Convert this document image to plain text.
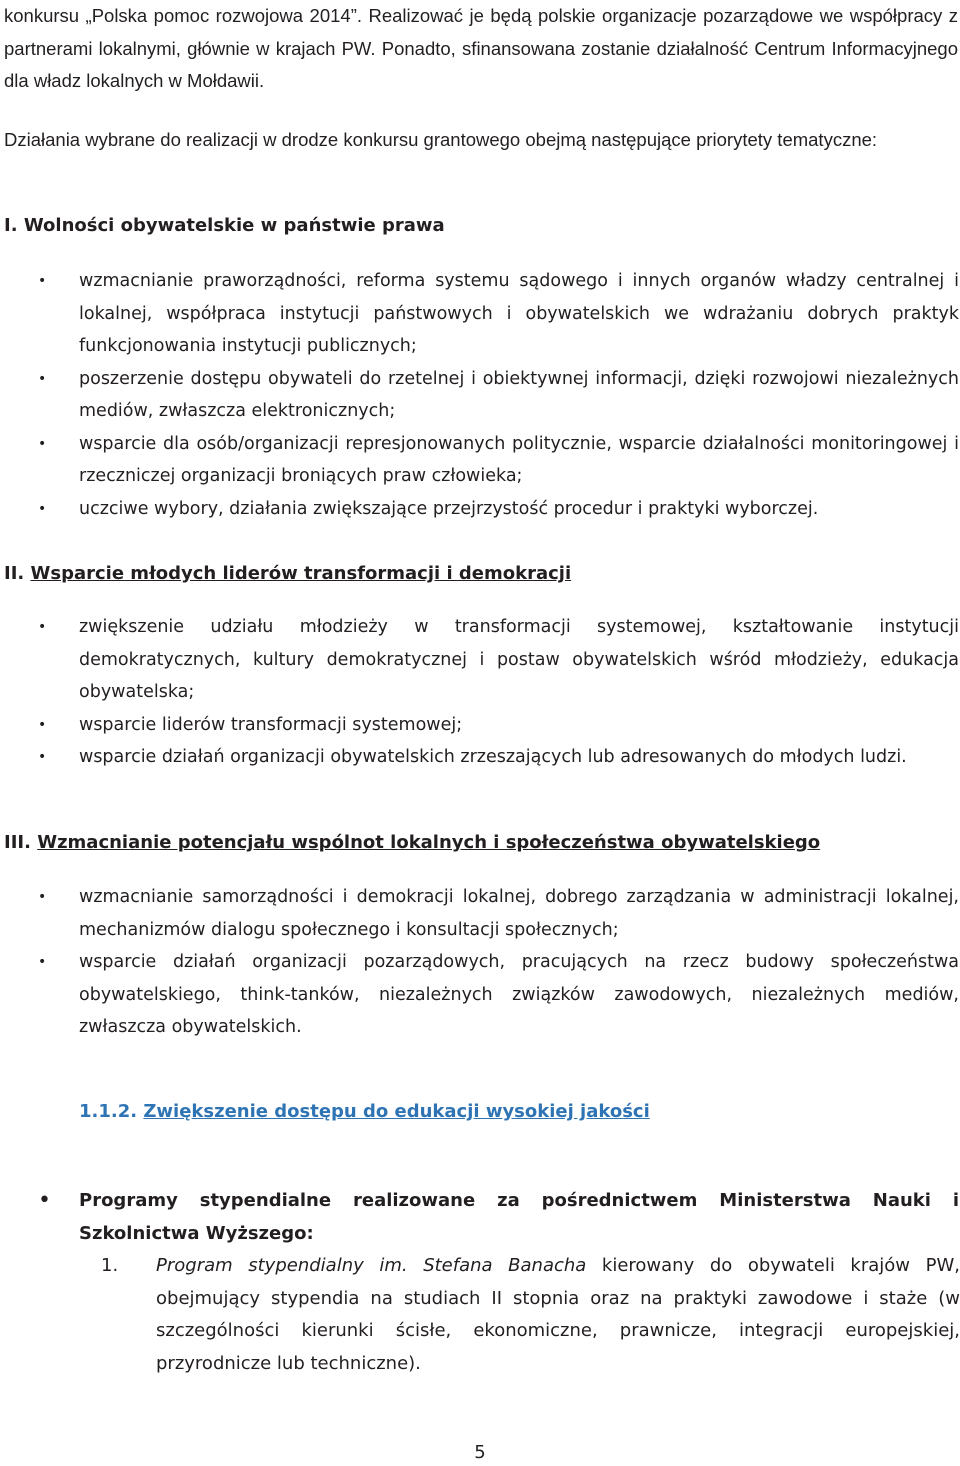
konkursu „Polska pomoc rozwojowa 2014”. Realizować je będą polskie organizacje pozarządowe we współpracy z partnerami lokalnymi, głównie w krajach PW. Ponadto, sfinansowana zostanie działalność Centrum Informacyjnego dla władz lokalnych w Mołdawii.

Działania wybrane do realizacji w drodze konkursu grantowego obejmą następujące priorytety tematyczne:

I. Wolności obywatelskie w państwie prawa

• wzmacnianie praworządności, reforma systemu sądowego i innych organów władzy centralnej i lokalnej, współpraca instytucji państwowych i obywatelskich we wdrażaniu dobrych praktyk funkcjonowania instytucji publicznych;
• poszerzenie dostępu obywateli do rzetelnej i obiektywnej informacji, dzięki rozwojowi niezależnych mediów, zwłaszcza elektronicznych;
• wsparcie dla osób/organizacji represjonowanych politycznie, wsparcie działalności monitoringowej i rzeczniczej organizacji broniących praw człowieka;
• uczciwe wybory, działania zwiększające przejrzystość procedur i praktyki wyborczej.

II. Wsparcie młodych liderów transformacji i demokracji

• zwiększenie udziału młodzieży w transformacji systemowej, kształtowanie instytucji demokratycznych, kultury demokratycznej i postaw obywatelskich wśród młodzieży, edukacja obywatelska;
• wsparcie liderów transformacji systemowej;
• wsparcie działań organizacji obywatelskich zrzeszających lub adresowanych do młodych ludzi.

III. Wzmacnianie potencjału wspólnot lokalnych i społeczeństwa obywatelskiego

• wzmacnianie samorządności i demokracji lokalnej, dobrego zarządzania w administracji lokalnej, mechanizmów dialogu społecznego i konsultacji społecznych;
• wsparcie działań organizacji pozarządowych, pracujących na rzecz budowy społeczeństwa obywatelskiego, think-tanków, niezależnych związków zawodowych, niezależnych mediów, zwłaszcza obywatelskich.

1.1.2. Zwiększenie dostępu do edukacji wysokiej jakości

• Programy stypendialne realizowane za pośrednictwem Ministerstwa Nauki i Szkolnictwa Wyższego:
1. Program stypendialny im. Stefana Banacha kierowany do obywateli krajów PW, obejmujący stypendia na studiach II stopnia oraz na praktyki zawodowe i staże (w szczególności kierunki ścisłe, ekonomiczne, prawnicze, integracji europejskiej, przyrodnicze lub techniczne).
5
